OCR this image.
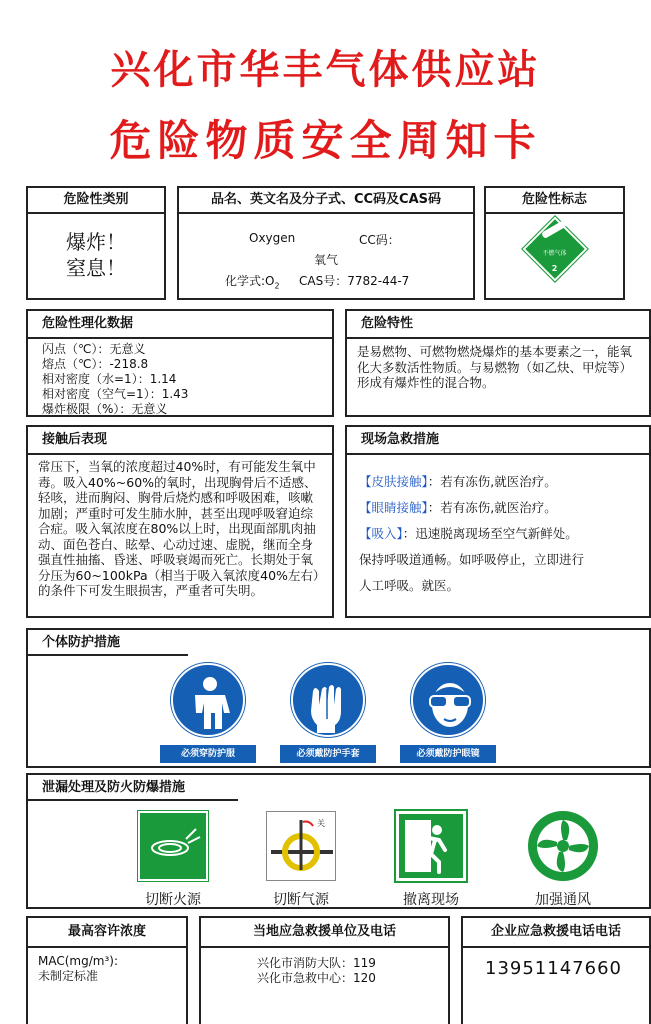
兴化市华丰气体供应站
危险物质安全周知卡
危险性类别
爆炸！
窒息！
品名、英文名及分子式、CC码及CAS码
Oxygen	CC码：
氧气
化学式$:O_2$ CAS号：7782-44-7
危险性标志
不燃气体
2
危险性理化数据
闪点（℃）：无意义
熔点（℃）：-218.8
相对密度（水=1）：1.14
相对密度（空气=1）：1.43
爆炸极限（%）：无意义
危险特性
是易燃物、可燃物燃烧爆炸的基本要素之一，能氧化大多数活性物质。与易燃物（如乙炔、甲烷等）形成有爆炸性的混合物。
接触后表现
常压下，当氧的浓度超过40%时，有可能发生氧中毒。吸入40%~60%的氧时，出现胸骨后不适感、轻咳，进而胸闷、胸骨后烧灼感和呼吸困难，咳嗽加剧；严重时可发生肺水肿，甚至出现呼吸窘迫综合症。吸入氧浓度在80%以上时，出现面部肌肉抽动、面色苍白、眩晕、心动过速、虚脱，继而全身强直性抽搐、昏迷、呼吸衰竭而死亡。长期处于氧分压为60~100kPa（相当于吸入氧浓度40%左右）的条件下可发生眼损害，严重者可失明。
现场急救措施
【皮肤接触】：若有冻伤,就医治疗。
【眼睛接触】：若有冻伤,就医治疗。
【吸入】：迅速脱离现场至空气新鲜处。
保持呼吸道通畅。如呼吸停止，立即进行
人工呼吸。就医。
个体防护措施
必须穿防护服	必须戴防护手套	必须戴防护眼镜
泄漏处理及防火防爆措施
切断火源
关
切断气源	撤离现场	加强通风
最高容许浓度
MAC(mg/m³):
未制定标准
当地应急救援单位及电话
兴化市消防大队：119
兴化市急救中心：120
企业应急救援电话电话
13951147660
